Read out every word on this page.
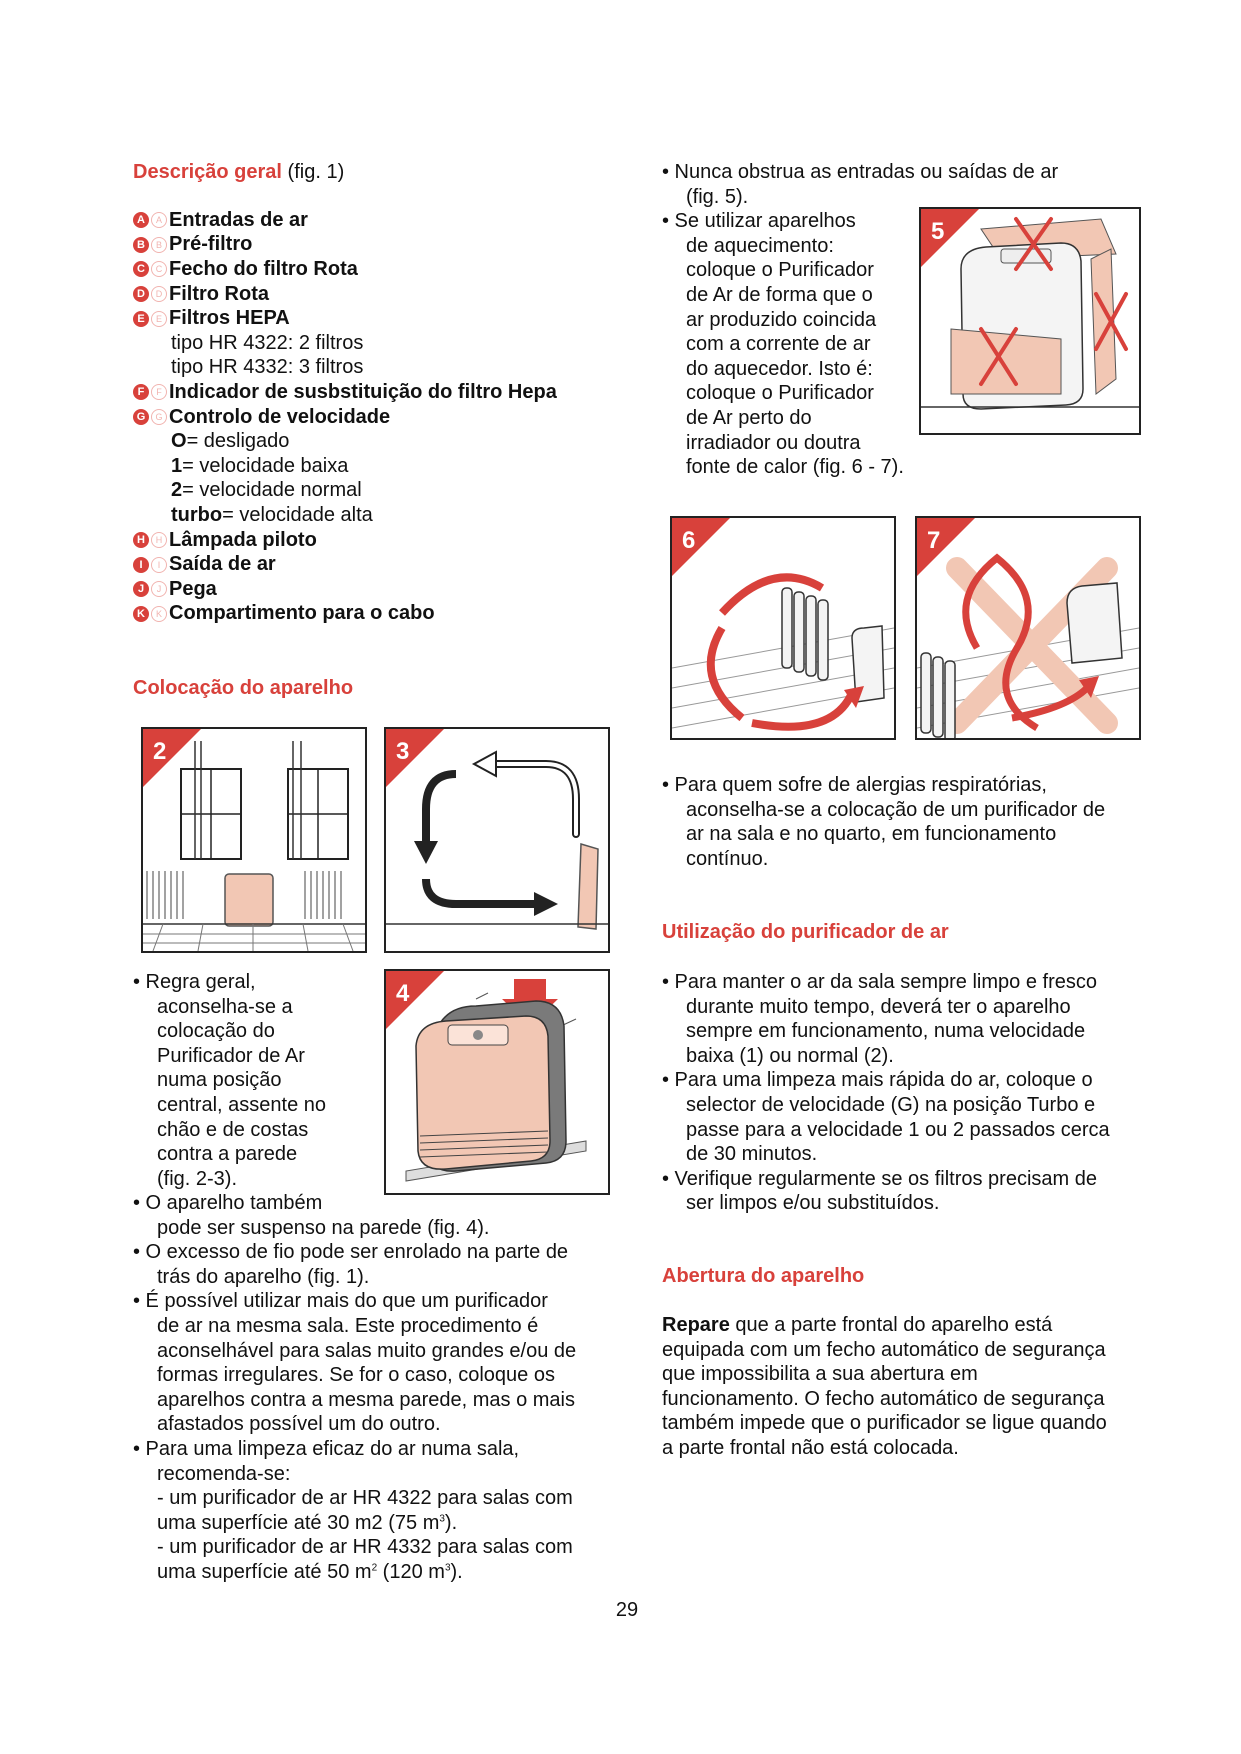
Descrição geral (fig. 1)

A	A Entradas de ar
B	B Pré-filtro
C	C Fecho do filtro Rota
D	D Filtro Rota
E	E Filtros HEPA
tipo HR 4322: 2 filtros
tipo HR 4332: 3 filtros
F	F Indicador de susbstituição do filtro Hepa
G	G Controlo de velocidade
O = desligado
1 = velocidade baixa
2 = velocidade normal
turbo = velocidade alta
H	H Lâmpada piloto
I	I Saída de ar
J	J Pega
K	K Compartimento para o cabo

Colocação do aparelho

2	3

• Regra geral,

aconselha-se a

colocação do

Purificador de Ar

numa posição

central, assente no

chão e de costas

contra a parede

(fig. 2-3).

4

• O aparelho também

pode ser suspenso na parede (fig. 4).

• O excesso de fio pode ser enrolado na parte de

trás do aparelho (fig. 1).

• É possível utilizar mais do que um purificador

de ar na mesma sala. Este procedimento é

aconselhável para salas muito grandes e/ou de

formas irregulares. Se for o caso, coloque os

aparelhos contra a mesma parede, mas o mais

afastados possível um do outro.

• Para uma limpeza eficaz do ar numa sala,

recomenda-se:

- um purificador de ar HR 4322 para salas com

uma superfície até 30 m2 (75 $m^3$).

- um purificador de ar HR 4332 para salas com

uma superfície até 50 $m^2$ (120 $m^3$).

• Nunca obstrua as entradas ou saídas de ar

(fig. 5).

• Se utilizar aparelhos

de aquecimento:

coloque o Purificador

de Ar de forma que o

ar produzido coincida

com a corrente de ar

do aquecedor. Isto é:

coloque o Purificador

de Ar perto do

irradiador ou doutra

fonte de calor (fig. 6 - 7).

5
6	7

• Para quem sofre de alergias respiratórias,

aconselha-se a colocação de um purificador de

ar na sala e no quarto, em funcionamento

contínuo.

Utilização do purificador de ar

• Para manter o ar da sala sempre limpo e fresco

durante muito tempo, deverá ter o aparelho

sempre em funcionamento, numa velocidade

baixa (1) ou normal (2).

• Para uma limpeza mais rápida do ar, coloque o

selector de velocidade (G) na posição Turbo e

passe para a velocidade 1 ou 2 passados cerca

de 30 minutos.

• Verifique regularmente se os filtros precisam de

ser limpos e/ou substituídos.

Abertura do aparelho

Repare que a parte frontal do aparelho está

equipada com um fecho automático de segurança

que impossibilita a sua abertura em

funcionamento. O fecho automático de segurança

também impede que o purificador se ligue quando

a parte frontal não está colocada.

29
